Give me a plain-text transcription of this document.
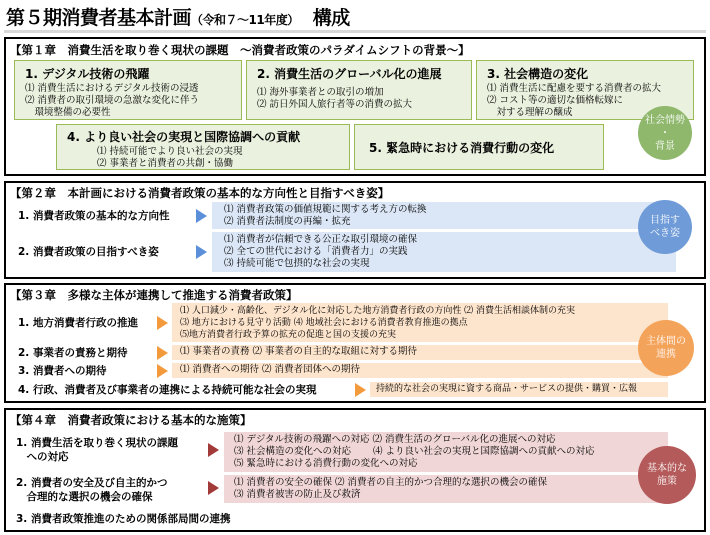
第５期消費者基本計画（令和７～11年度） 構成
【第１章　消費生活を取り巻く現状の課題　～消費者政策のパラダイムシフトの背景～】
1. デジタル技術の飛躍
⑴ 消費生活におけるデジタル技術の浸透
⑵ 消費者の取引環境の急激な変化に伴う
　環境整備の必要性
2. 消費生活のグローバル化の進展
⑴ 海外事業者との取引の増加
⑵ 訪日外国人旅行者等の消費の拡大
3. 社会構造の変化
⑴ 消費生活に配慮を要する消費者の拡大
⑵ コスト等の適切な価格転嫁に
　対する理解の醸成
4. より良い社会の実現と国際協調への貢献
⑴ 持続可能でより良い社会の実現
⑵ 事業者と消費者の共創・協働
5. 緊急時における消費行動の変化
社会情勢
・
背景
【第２章　本計画における消費者政策の基本的な方向性と目指すべき姿】
1. 消費者政策の基本的な方向性
⑴ 消費者政策の価値規範に関する考え方の転換
⑵ 消費者法制度の再編・拡充
2. 消費者政策の目指すべき姿
⑴ 消費者が信頼できる公正な取引環境の確保
⑵ 全ての世代における「消費者力」の実践
⑶ 持続可能で包摂的な社会の実現
目指す
べき姿
【第３章　多様な主体が連携して推進する消費者政策】
1. 地方消費者行政の推進
⑴ 人口減少・高齢化、デジタル化に対応した地方消費者行政の方向性 ⑵ 消費生活相談体制の充実
⑶ 地方における見守り活動 ⑷ 地域社会における消費者教育推進の拠点
⑸地方消費者行政予算の拡充の促進と国の支援の充実
2. 事業者の責務と期待	⑴ 事業者の責務 ⑵ 事業者の自主的な取組に対する期待
3. 消費者への期待	⑴ 消費者への期待 ⑵ 消費者団体への期待
4. 行政、消費者及び事業者の連携による持続可能な社会の実現	持続的な社会の実現に資する商品・サービスの提供・購買・広報
主体間の
連携
【第４章　消費者政策における基本的な施策】
1. 消費生活を取り巻く現状の課題
　への対応
⑴ デジタル技術の飛躍への対応 ⑵ 消費生活のグローバル化の進展への対応
⑶ 社会構造の変化への対応　　 ⑷ より良い社会の実現と国際協調への貢献への対応
⑸ 緊急時における消費行動の変化への対応
2. 消費者の安全及び自主的かつ
　合理的な選択の機会の確保
⑴ 消費者の安全の確保 ⑵ 消費者の自主的かつ合理的な選択の機会の確保
⑶ 消費者被害の防止及び救済
3. 消費者政策推進のための関係部局間の連携
基本的な
施策
